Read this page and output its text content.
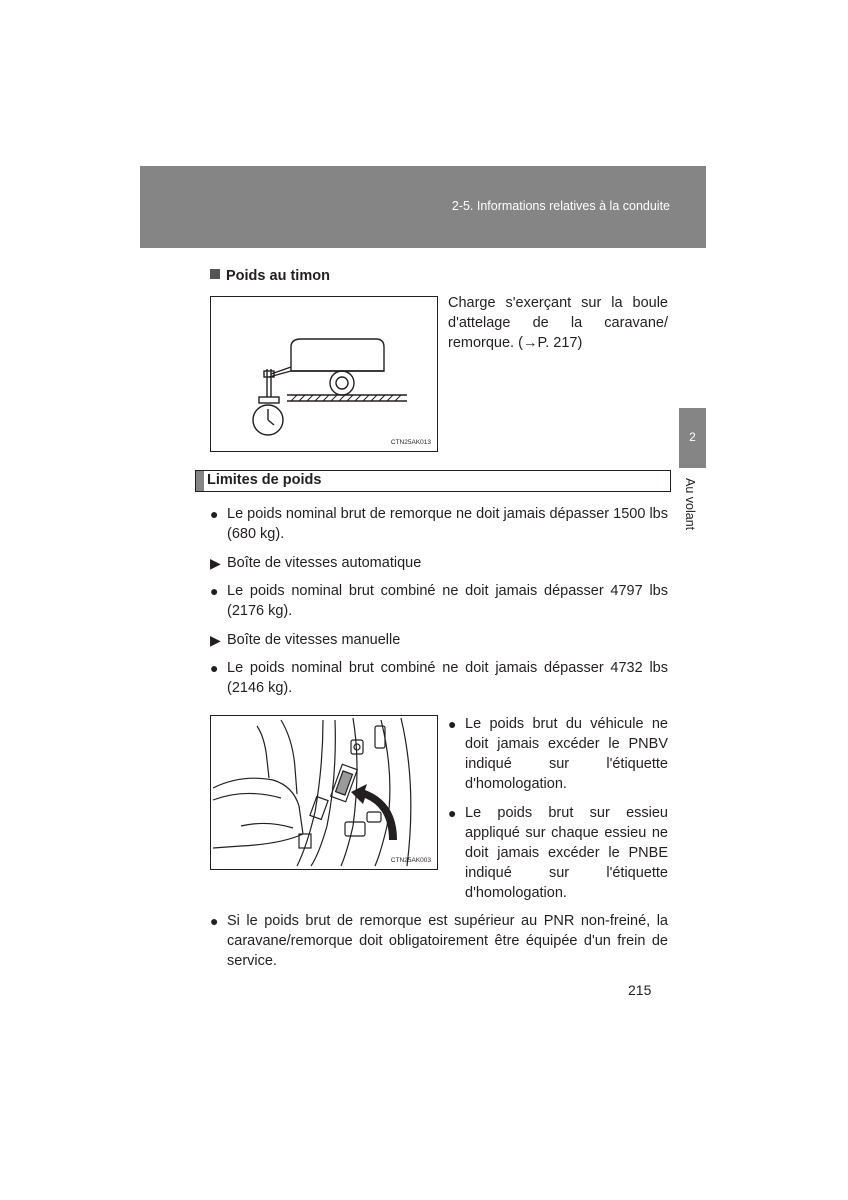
2-5. Informations relatives à la conduite
2
Au volant
Poids au timon
CTN25AK013
Charge s'exerçant sur la boule d'attelage de la caravane/ remorque. (→P. 217)
Limites de poids
● Le poids nominal brut de remorque ne doit jamais dépasser 1500 lbs (680 kg).
▶ Boîte de vitesses automatique
● Le poids nominal brut combiné ne doit jamais dépasser 4797 lbs (2176 kg).
▶ Boîte de vitesses manuelle
● Le poids nominal brut combiné ne doit jamais dépasser 4732 lbs (2146 kg).
CTN25AK003
● Le poids brut du véhicule ne doit jamais excéder le PNBV indiqué sur l'étiquette d'homologation.
● Le poids brut sur essieu appliqué sur chaque essieu ne doit jamais excéder le PNBE indiqué sur l'étiquette d'homologation.
● Si le poids brut de remorque est supérieur au PNR non-freiné, la caravane/remorque doit obligatoirement être équipée d'un frein de service.
215
